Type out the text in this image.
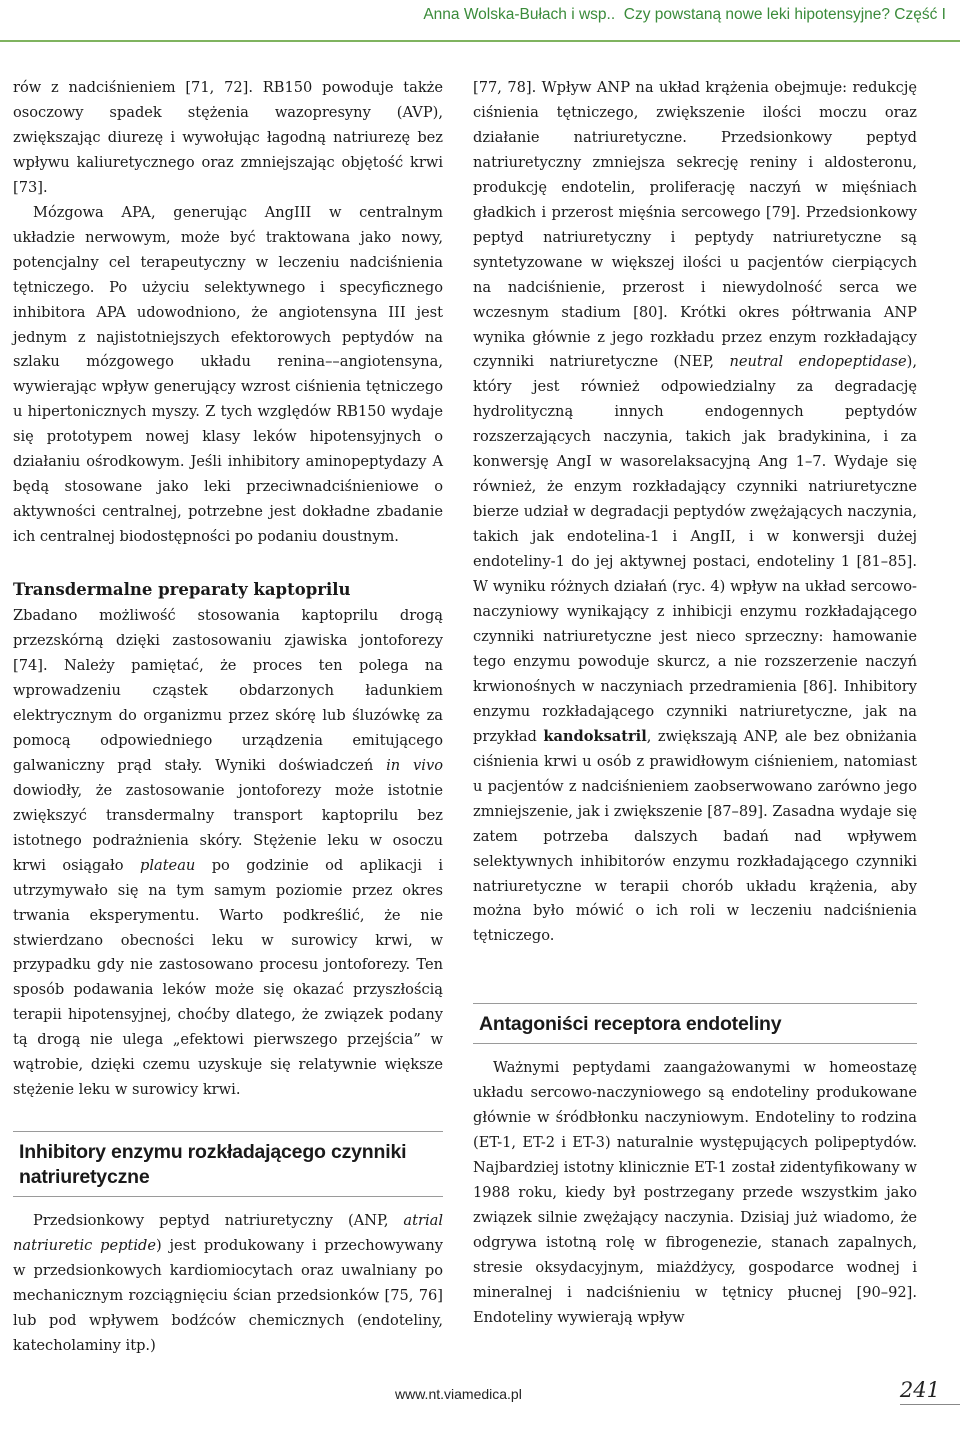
Anna Wolska-Bułach i wsp..  Czy powstaną nowe leki hipotensyjne? Część I

rów z nadciśnieniem [71, 72]. RB150 powoduje także osoczowy spadek stężenia wazopresyny (AVP), zwiększając diurezę i wywołując łagodną natriurezę bez wpływu kaliuretycznego oraz zmniejszając objętość krwi [73].

Mózgowa APA, generując AngIII w centralnym układzie nerwowym, może być traktowana jako nowy, potencjalny cel terapeutyczny w leczeniu nadciśnienia tętniczego. Po użyciu selektywnego i specyficznego inhibitora APA udowodniono, że angiotensyna III jest jednym z najistotniejszych efektorowych peptydów na szlaku mózgowego układu renina––angiotensyna, wywierając wpływ generujący wzrost ciśnienia tętniczego u hipertonicznych myszy. Z tych względów RB150 wydaje się prototypem nowej klasy leków hipotensyjnych o działaniu ośrodkowym. Jeśli inhibitory aminopeptydazy A będą stosowane jako leki przeciwnadciśnieniowe o aktywności centralnej, potrzebne jest dokładne zbadanie ich centralnej biodostępności po podaniu doustnym.

Transdermalne preparaty kaptoprilu

Zbadano możliwość stosowania kaptoprilu drogą przezskórną dzięki zastosowaniu zjawiska jontoforezy [74]. Należy pamiętać, że proces ten polega na wprowadzeniu cząstek obdarzonych ładunkiem elektrycznym do organizmu przez skórę lub śluzówkę za pomocą odpowiedniego urządzenia emitującego galwaniczny prąd stały. Wyniki doświadczeń in vivo dowiodły, że zastosowanie jontoforezy może istotnie zwiększyć transdermalny transport kaptoprilu bez istotnego podrażnienia skóry. Stężenie leku w osoczu krwi osiągało plateau po godzinie od aplikacji i utrzymywało się na tym samym poziomie przez okres trwania eksperymentu. Warto podkreślić, że nie stwierdzano obecności leku w surowicy krwi, w przypadku gdy nie zastosowano procesu jontoforezy. Ten sposób podawania leków może się okazać przyszłością terapii hipotensyjnej, choćby dlatego, że związek podany tą drogą nie ulega „efektowi pierwszego przejścia” w wątrobie, dzięki czemu uzyskuje się relatywnie większe stężenie leku w surowicy krwi.

Inhibitory enzymu rozkładającego czynniki natriuretyczne

Przedsionkowy peptyd natriuretyczny (ANP, atrial natriuretic peptide) jest produkowany i przechowywany w przedsionkowych kardiomiocytach oraz uwalniany po mechanicznym rozciągnięciu ścian przedsionków [75, 76] lub pod wpływem bodźców chemicznych (endoteliny, katecholaminy itp.)

[77, 78]. Wpływ ANP na układ krążenia obejmuje: redukcję ciśnienia tętniczego, zwiększenie ilości moczu oraz działanie natriuretyczne. Przedsionkowy peptyd natriuretyczny zmniejsza sekrecję reniny i aldosteronu, produkcję endotelin, proliferację naczyń w mięśniach gładkich i przerost mięśnia sercowego [79]. Przedsionkowy peptyd natriuretyczny i peptydy natriuretyczne są syntetyzowane w większej ilości u pacjentów cierpiących na nadciśnienie, przerost i niewydolność serca we wczesnym stadium [80]. Krótki okres półtrwania ANP wynika głównie z jego rozkładu przez enzym rozkładający czynniki natriuretyczne (NEP, neutral endopeptidase), który jest również odpowiedzialny za degradację hydrolityczną innych endogennych peptydów rozszerzających naczynia, takich jak bradykinina, i za konwersję AngI w wasorelaksacyjną Ang 1–7. Wydaje się również, że enzym rozkładający czynniki natriuretyczne bierze udział w degradacji peptydów zwężających naczynia, takich jak endotelina-1 i AngII, i w konwersji dużej endoteliny-1 do jej aktywnej postaci, endoteliny 1 [81–85]. W wyniku różnych działań (ryc. 4) wpływ na układ sercowo-naczyniowy wynikający z inhibicji enzymu rozkładającego czynniki natriuretyczne jest nieco sprzeczny: hamowanie tego enzymu powoduje skurcz, a nie rozszerzenie naczyń krwionośnych w naczyniach przedramienia [86]. Inhibitory enzymu rozkładającego czynniki natriuretyczne, jak na przykład kandoksatril, zwiększają ANP, ale bez obniżania ciśnienia krwi u osób z prawidłowym ciśnieniem, natomiast u pacjentów z nadciśnieniem zaobserwowano zarówno jego zmniejszenie, jak i zwiększenie [87–89]. Zasadna wydaje się zatem potrzeba dalszych badań nad wpływem selektywnych inhibitorów enzymu rozkładającego czynniki natriuretyczne w terapii chorób układu krążenia, aby można było mówić o ich roli w leczeniu nadciśnienia tętniczego.

Antagoniści receptora endoteliny

Ważnymi peptydami zaangażowanymi w homeostazę układu sercowo-naczyniowego są endoteliny produkowane głównie w śródbłonku naczyniowym. Endoteliny to rodzina (ET-1, ET-2 i ET-3) naturalnie występujących polipeptydów. Najbardziej istotny klinicznie ET-1 został zidentyfikowany w 1988 roku, kiedy był postrzegany przede wszystkim jako związek silnie zwężający naczynia. Dzisiaj już wiadomo, że odgrywa istotną rolę w fibrogenezie, stanach zapalnych, stresie oksydacyjnym, miażdżycy, gospodarce wodnej i mineralnej i nadciśnieniu w tętnicy płucnej [90–92]. Endoteliny wywierają wpływ

www.nt.viamedica.pl	241
